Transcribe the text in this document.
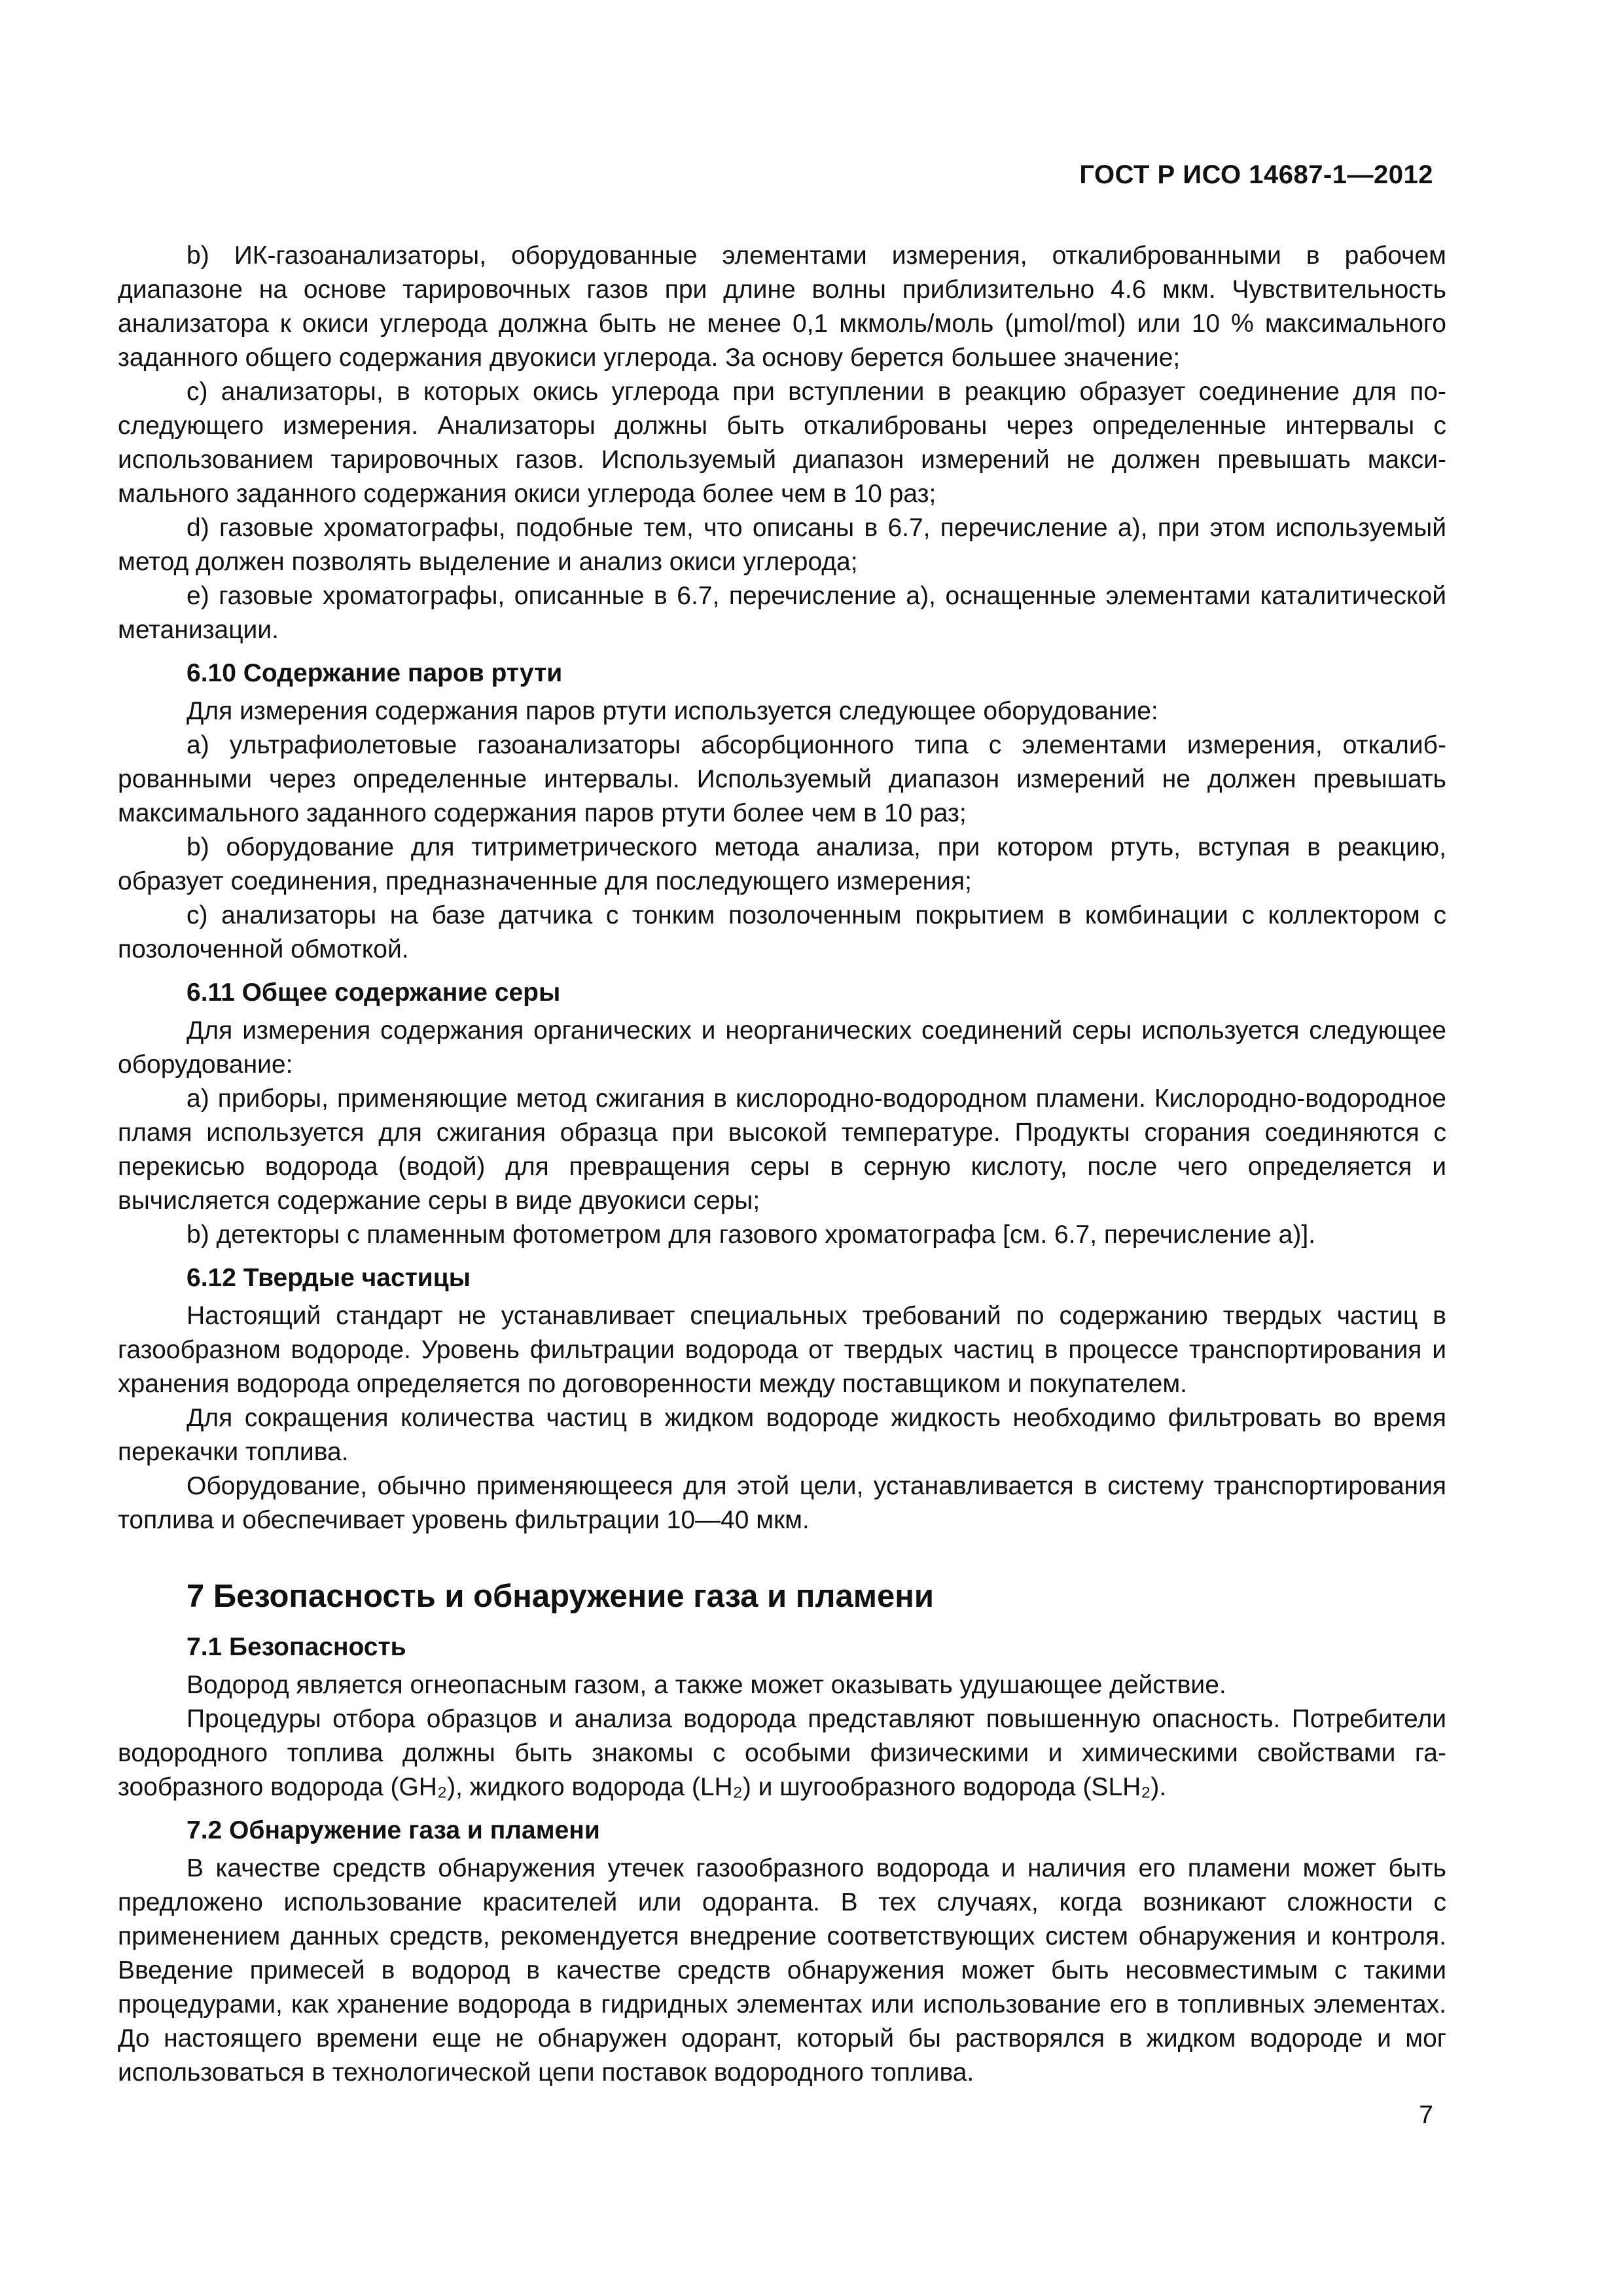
ГОСТ Р ИСО 14687-1—2012

b) ИК-газоанализаторы, оборудованные элементами измерения, откалиброванными в рабочем диапазоне на основе тарировочных газов при длине волны приблизительно 4.6 мкм. Чувствительность анализатора к окиси углерода должна быть не менее 0,1 мкмоль/моль (μmol/mol) или 10 % максимального заданного общего содержания двуокиси углерода. За основу берется большее значение;

c) анализаторы, в которых окись углерода при вступлении в реакцию образует соединение для последующего измерения. Анализаторы должны быть откалиброваны через определенные интервалы с использованием тарировочных газов. Используемый диапазон измерений не должен превышать максимального заданного содержания окиси углерода более чем в 10 раз;

d) газовые хроматографы, подобные тем, что описаны в 6.7, перечисление а), при этом используемый метод должен позволять выделение и анализ окиси углерода;

e) газовые хроматографы, описанные в 6.7, перечисление а), оснащенные элементами каталитической метанизации.

6.10 Содержание паров ртути

Для измерения содержания паров ртути используется следующее оборудование:

a) ультрафиолетовые газоанализаторы абсорбционного типа с элементами измерения, откалиброванными через определенные интервалы. Используемый диапазон измерений не должен превышать максимального заданного содержания паров ртути более чем в 10 раз;

b) оборудование для титриметрического метода анализа, при котором ртуть, вступая в реакцию, образует соединения, предназначенные для последующего измерения;

c) анализаторы на базе датчика с тонким позолоченным покрытием в комбинации с коллектором с позолоченной обмоткой.

6.11 Общее содержание серы

Для измерения содержания органических и неорганических соединений серы используется следующее оборудование:

a) приборы, применяющие метод сжигания в кислородно-водородном пламени. Кислородно-водородное пламя используется для сжигания образца при высокой температуре. Продукты сгорания соединяются с перекисью водорода (водой) для превращения серы в серную кислоту, после чего определяется и вычисляется содержание серы в виде двуокиси серы;

b) детекторы с пламенным фотометром для газового хроматографа [см. 6.7, перечисление а)].

6.12 Твердые частицы

Настоящий стандарт не устанавливает специальных требований по содержанию твердых частиц в газообразном водороде. Уровень фильтрации водорода от твердых частиц в процессе транспортирования и хранения водорода определяется по договоренности между поставщиком и покупателем.

Для сокращения количества частиц в жидком водороде жидкость необходимо фильтровать во время перекачки топлива.

Оборудование, обычно применяющееся для этой цели, устанавливается в систему транспортирования топлива и обеспечивает уровень фильтрации 10—40 мкм.

7 Безопасность и обнаружение газа и пламени
7.1 Безопасность

Водород является огнеопасным газом, а также может оказывать удушающее действие.

Процедуры отбора образцов и анализа водорода представляют повышенную опасность. Потребители водородного топлива должны быть знакомы с особыми физическими и химическими свойствами газообразного водорода (GH₂), жидкого водорода (LH₂) и шугообразного водорода (SLH₂).

7.2 Обнаружение газа и пламени

В качестве средств обнаружения утечек газообразного водорода и наличия его пламени может быть предложено использование красителей или одоранта. В тех случаях, когда возникают сложности с применением данных средств, рекомендуется внедрение соответствующих систем обнаружения и контроля. Введение примесей в водород в качестве средств обнаружения может быть несовместимым с такими процедурами, как хранение водорода в гидридных элементах или использование его в топливных элементах. До настоящего времени еще не обнаружен одорант, который бы растворялся в жидком водороде и мог использоваться в технологической цепи поставок водородного топлива.

7
